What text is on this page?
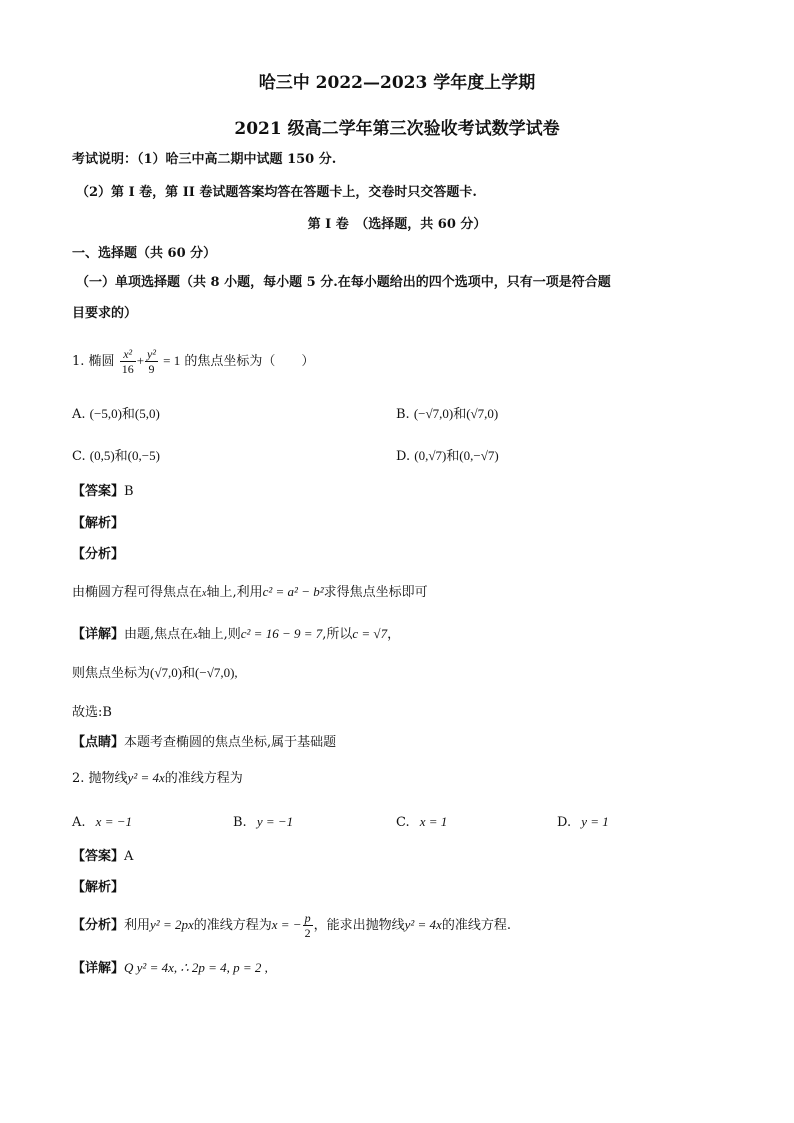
哈三中 2022—2023 学年度上学期
2021 级高二学年第三次验收考试数学试卷
考试说明：（1）哈三中高二期中试题 150 分.
（2）第 I 卷，第 II 卷试题答案均答在答题卡上，交卷时只交答题卡.
第 I 卷　（选择题，共 60 分）
一、选择题（共 60 分）
（一）单项选择题（共 8 小题，每小题 5 分.在每小题给出的四个选项中，只有一项是符合题
目要求的）
1. 椭圆 $\frac{\text{x²}}{16} + \frac{\text{y²}}{9} = 1$ 的焦点坐标为（　　）
A. (−5,0)和(5,0)	B. (−√7,0)和(√7,0)
C. (0,5)和(0,−5)	D. (0,√7)和(0,−√7)
【答案】B
【解析】
【分析】
由椭圆方程可得焦点在x轴上,利用c² = a² − b²求得焦点坐标即可
【详解】由题,焦点在x轴上,则c² = 16 − 9 = 7,所以c = √7，
则焦点坐标为(√7,0)和(−√7,0),
故选:B
【点睛】本题考查椭圆的焦点坐标,属于基础题
2. 抛物线y² = 4x的准线方程为
A. x = −1	B. y = −1	C. x = 1	D. y = 1
【答案】A
【解析】
【分析】利用y² = 2px的准线方程为x = − $\frac{p}{2}$ ，能求出抛物线y² = 4x的准线方程.
【详解】Q y² = 4x, ∴ 2p = 4, p = 2 ,
